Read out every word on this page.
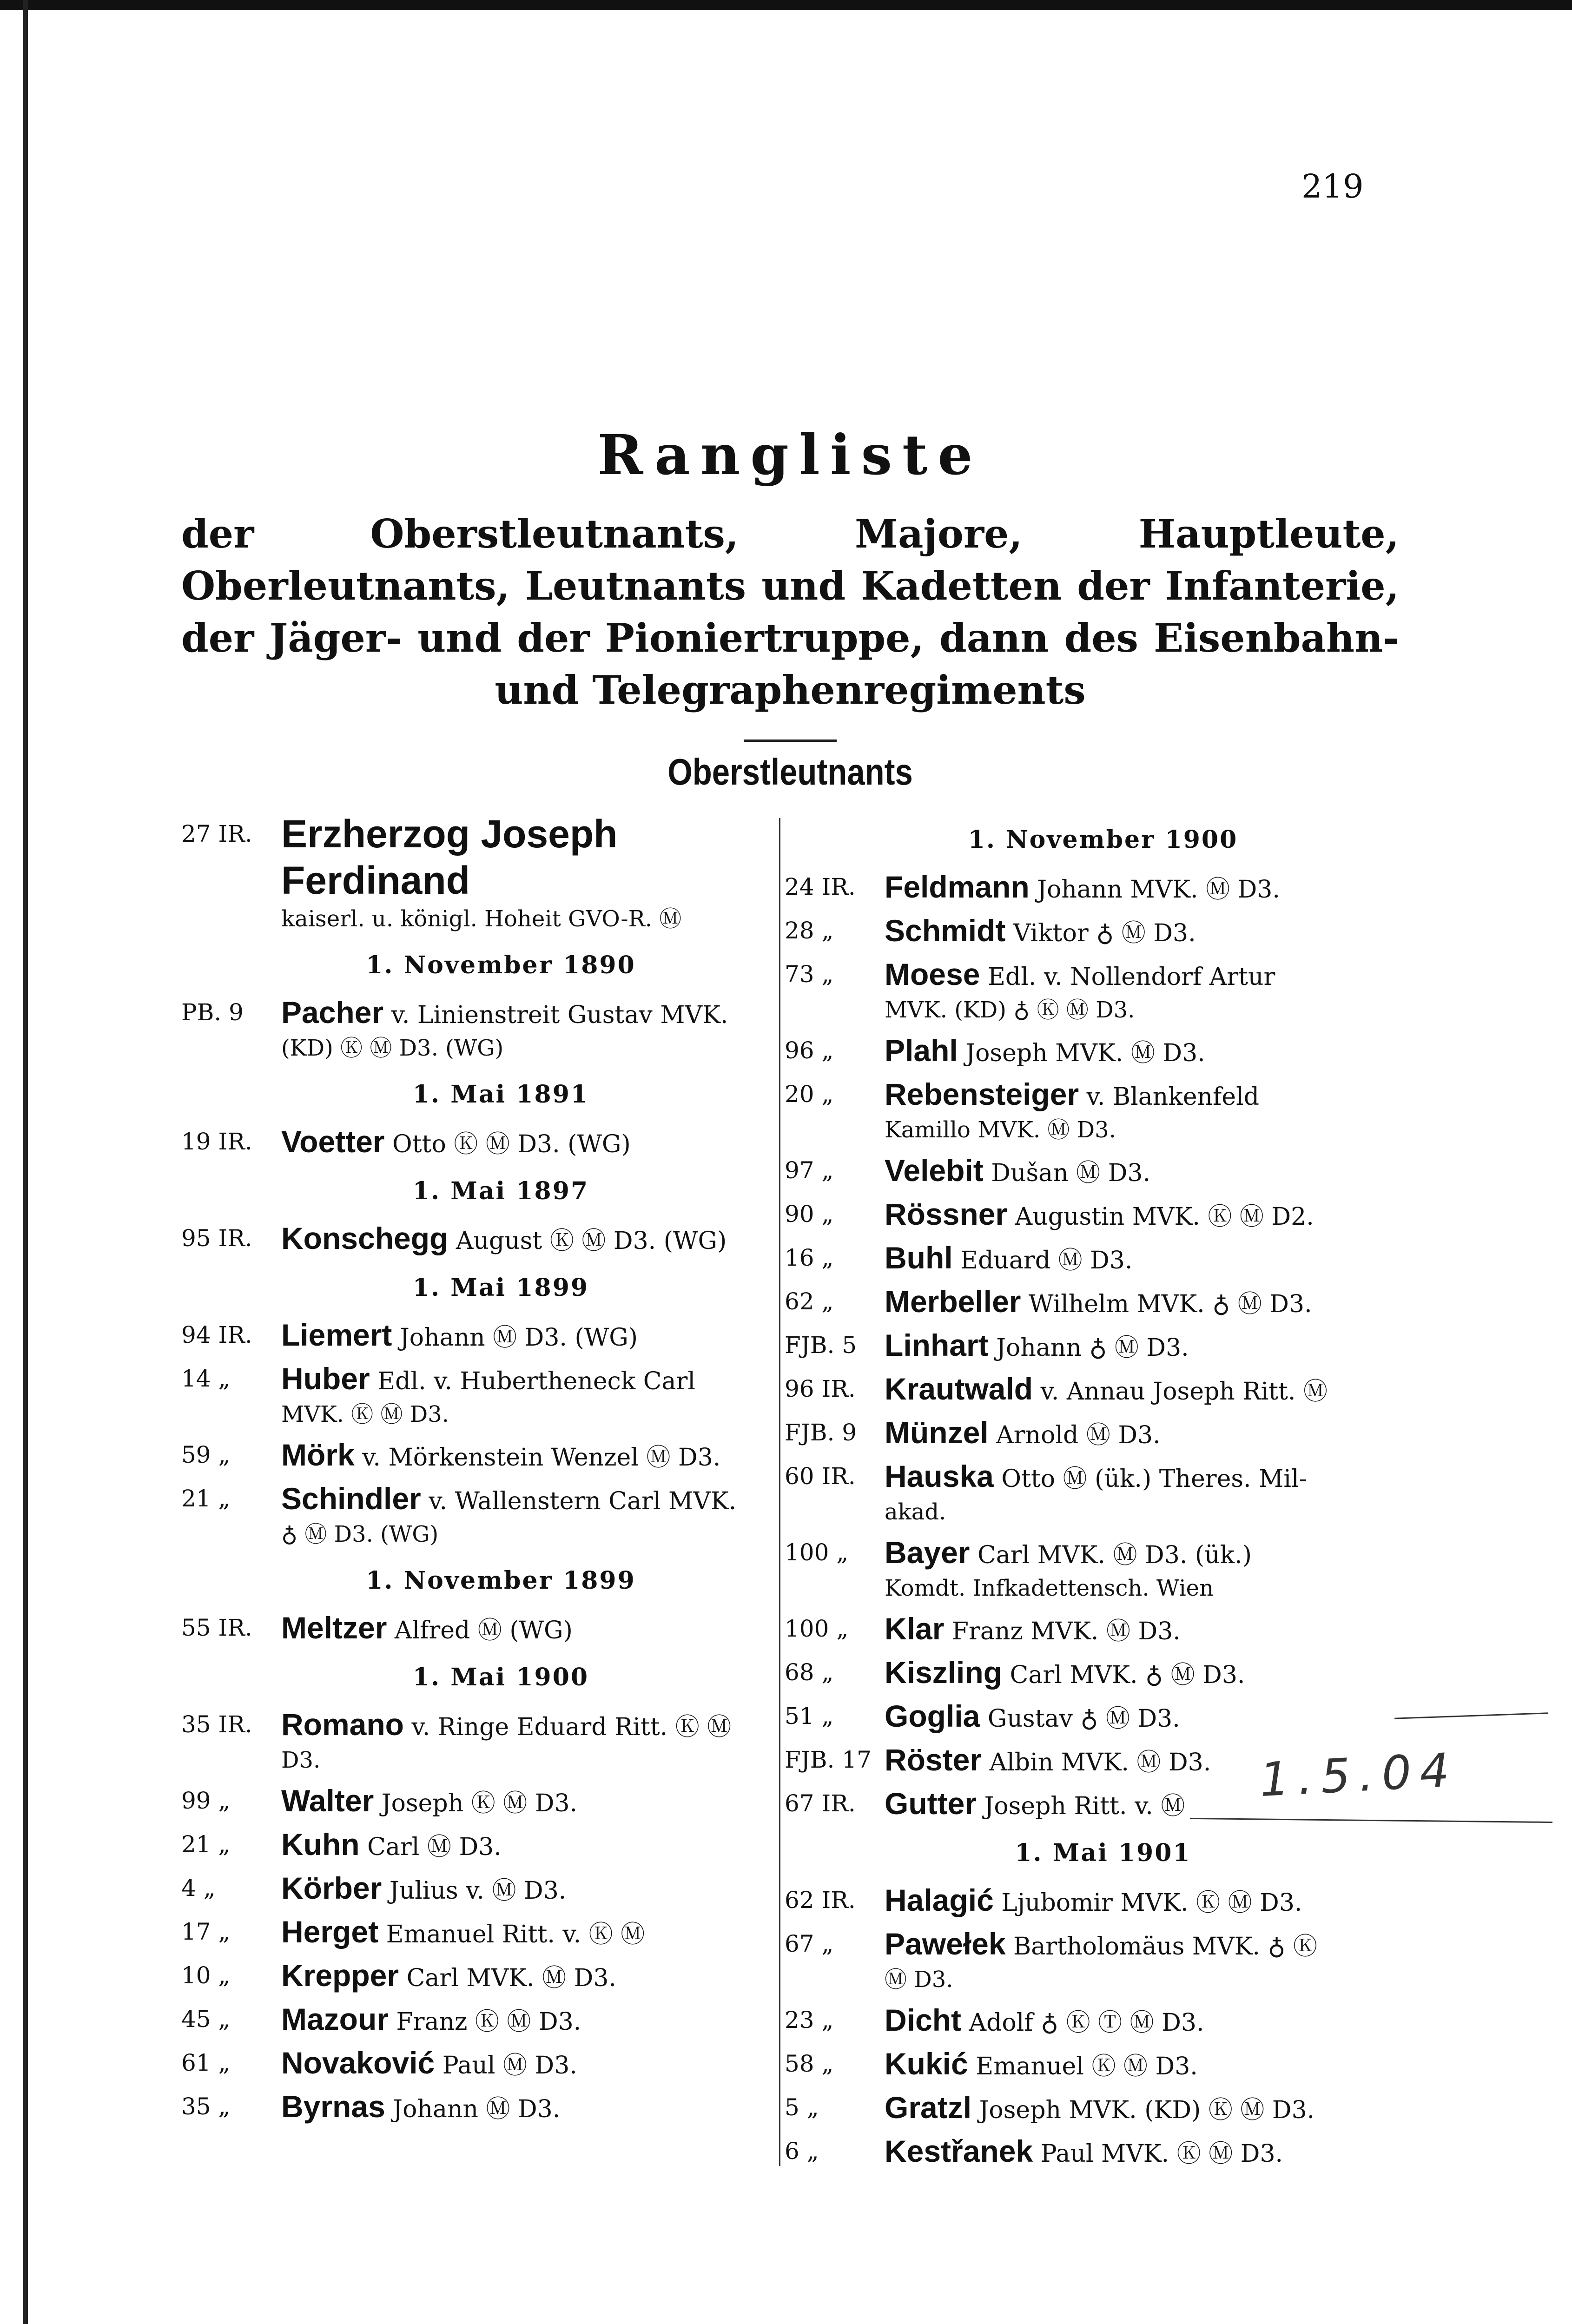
219
Rangliste
der Oberstleutnants, Majore, Hauptleute, Oberleutnants, Leutnants und Kadetten der Infanterie, der Jäger- und der Pioniertruppe, dann des Eisenbahn- und Telegraphenregiments
Oberstleutnants
27 IR. Erzherzog Joseph Ferdinand
kaiserl. u. königl. Hoheit GVO-R. Ⓜ
1. November 1890
PB. 9	Pacher v. Linienstreit Gustav MVK.
(KD) Ⓚ Ⓜ D3. (WG)
1. Mai 1891
19 IR. Voetter Otto Ⓚ Ⓜ D3. (WG)
1. Mai 1897
95 IR. Konschegg August Ⓚ Ⓜ D3. (WG)
1. Mai 1899
94 IR. Liemert Johann Ⓜ D3. (WG)
14 „	Huber Edl. v. Hubertheneck Carl
MVK. Ⓚ Ⓜ D3.
59 „	Mörk v. Mörkenstein Wenzel Ⓜ D3.
21 „	Schindler v. Wallenstern Carl MVK.
♁ Ⓜ D3. (WG)
1. November 1899
55 IR. Meltzer Alfred Ⓜ (WG)
1. Mai 1900
35 IR. Romano v. Ringe Eduard Ritt. Ⓚ Ⓜ
D3.
99 „	Walter Joseph Ⓚ Ⓜ D3.
21 „	Kuhn Carl Ⓜ D3.
4 „	Körber Julius v. Ⓜ D3.
17 „	Herget Emanuel Ritt. v. Ⓚ Ⓜ
10 „	Krepper Carl MVK. Ⓜ D3.
45 „	Mazour Franz Ⓚ Ⓜ D3.
61 „	Novaković Paul Ⓜ D3.
35 „	Byrnas Johann Ⓜ D3.
1. November 1900
24 IR. Feldmann Johann MVK. Ⓜ D3.
28 „	Schmidt Viktor ♁ Ⓜ D3.
73 „	Moese Edl. v. Nollendorf Artur
MVK. (KD) ♁ Ⓚ Ⓜ D3.
96 „	Plahl Joseph MVK. Ⓜ D3.
20 „	Rebensteiger v. Blankenfeld
Kamillo MVK. Ⓜ D3.
97 „	Velebit Dušan Ⓜ D3.
90 „	Rössner Augustin MVK. Ⓚ Ⓜ D2.
16 „	Buhl Eduard Ⓜ D3.
62 „	Merbeller Wilhelm MVK. ♁ Ⓜ D3.
FJB. 5 Linhart Johann ♁ Ⓜ D3.
96 IR. Krautwald v. Annau Joseph Ritt. Ⓜ
FJB. 9 Münzel Arnold Ⓜ D3.
60 IR. Hauska Otto Ⓜ (ük.) Theres. Mil-
akad.
100 „	Bayer Carl MVK. Ⓜ D3. (ük.)
Komdt. Infkadettensch. Wien
100 „	Klar Franz MVK. Ⓜ D3.
68 „	Kiszling Carl MVK. ♁ Ⓜ D3.
51 „	Goglia Gustav ♁ Ⓜ D3.
FJB. 17 Röster Albin MVK. Ⓜ D3.
67 IR. Gutter Joseph Ritt. v. Ⓜ
1. Mai 1901
62 IR. Halagić Ljubomir MVK. Ⓚ Ⓜ D3.
67 „	Pawełek Bartholomäus MVK. ♁ Ⓚ
Ⓜ D3.
23 „	Dicht Adolf ♁ Ⓚ Ⓣ Ⓜ D3.
58 „	Kukić Emanuel Ⓚ Ⓜ D3.
5 „	Gratzl Joseph MVK. (KD) Ⓚ Ⓜ D3.
6 „	Kestřanek Paul MVK. Ⓚ Ⓜ D3.
1.5.04
